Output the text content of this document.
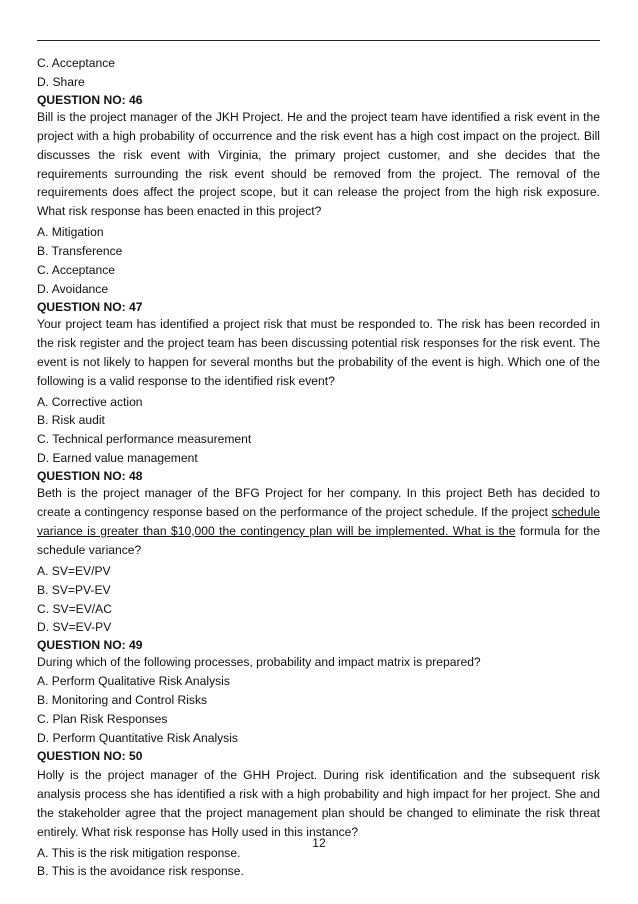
C. Acceptance
D. Share
QUESTION NO: 46
Bill is the project manager of the JKH Project. He and the project team have identified a risk event in the project with a high probability of occurrence and the risk event has a high cost impact on the project. Bill discusses the risk event with Virginia, the primary project customer, and she decides that the requirements surrounding the risk event should be removed from the project. The removal of the requirements does affect the project scope, but it can release the project from the high risk exposure. What risk response has been enacted in this project?
A. Mitigation
B. Transference
C. Acceptance
D. Avoidance
QUESTION NO: 47
Your project team has identified a project risk that must be responded to. The risk has been recorded in the risk register and the project team has been discussing potential risk responses for the risk event. The event is not likely to happen for several months but the probability of the event is high. Which one of the following is a valid response to the identified risk event?
A. Corrective action
B. Risk audit
C. Technical performance measurement
D. Earned value management
QUESTION NO: 48
Beth is the project manager of the BFG Project for her company. In this project Beth has decided to create a contingency response based on the performance of the project schedule. If the project schedule variance is greater than $10,000 the contingency plan will be implemented. What is the formula for the schedule variance?
A. SV=EV/PV
B. SV=PV-EV
C. SV=EV/AC
D. SV=EV-PV
QUESTION NO: 49
During which of the following processes, probability and impact matrix is prepared?
A. Perform Qualitative Risk Analysis
B. Monitoring and Control Risks
C. Plan Risk Responses
D. Perform Quantitative Risk Analysis
QUESTION NO: 50
Holly is the project manager of the GHH Project. During risk identification and the subsequent risk analysis process she has identified a risk with a high probability and high impact for her project. She and the stakeholder agree that the project management plan should be changed to eliminate the risk threat entirely. What risk response has Holly used in this instance?
A. This is the risk mitigation response.
B. This is the avoidance risk response.
12
